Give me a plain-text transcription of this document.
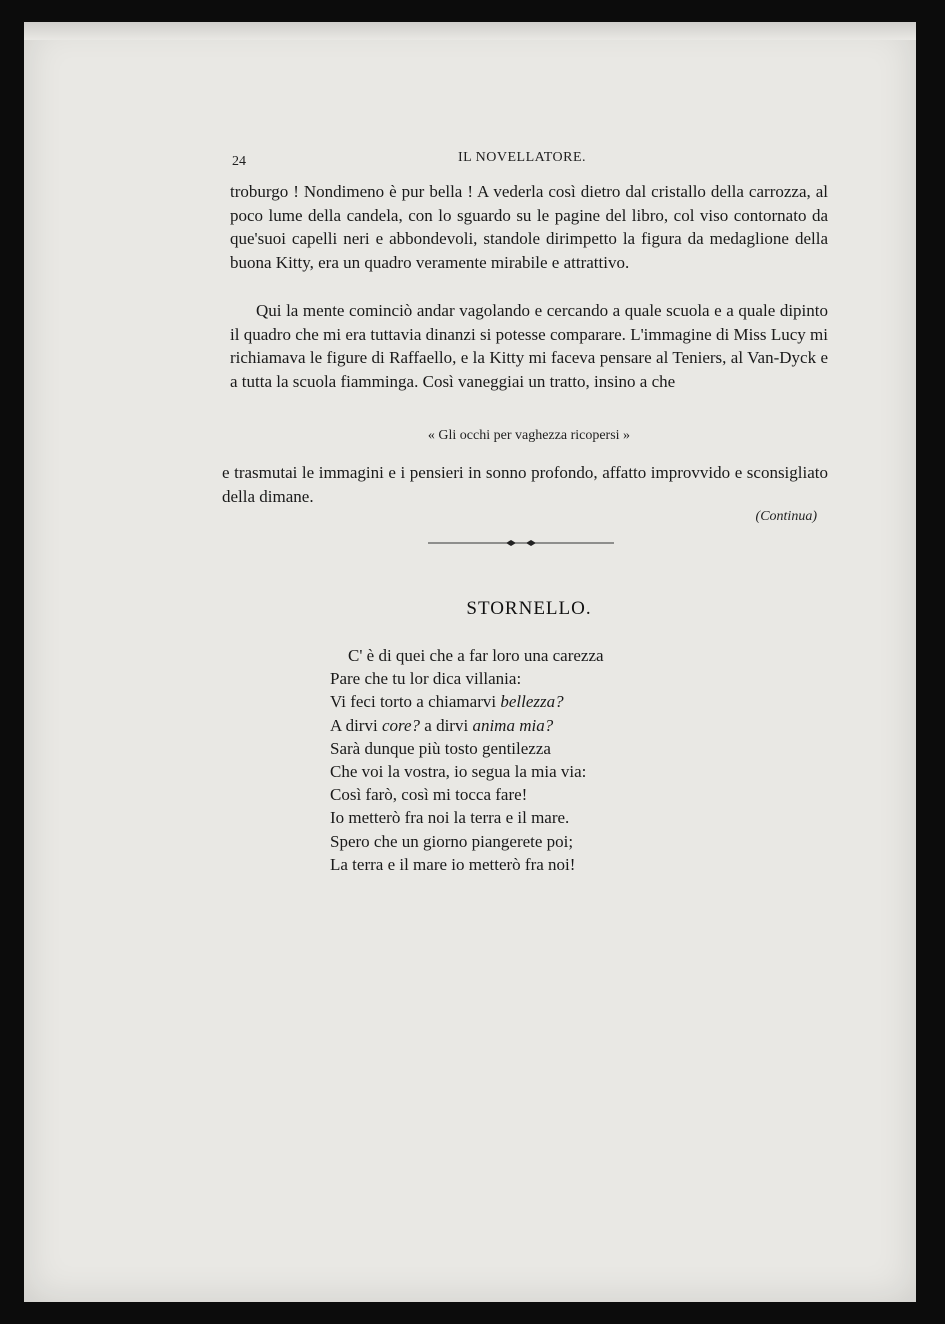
24	IL NOVELLATORE.

troburgo ! Nondimeno è pur bella ! A vederla così dietro dal cristallo della carrozza, al poco lume della candela, con lo sguardo su le pagine del libro, col viso contornato da que'suoi capelli neri e abbondevoli, standole dirimpetto la figura da medaglione della buona Kitty, era un quadro veramente mirabile e attrattivo.

Qui la mente cominciò andar vagolando e cercando a quale scuola e a quale dipinto il quadro che mi era tuttavia dinanzi si potesse comparare. L'immagine di Miss Lucy mi richiamava le figure di Raffaello, e la Kitty mi faceva pensare al Teniers, al Van-Dyck e a tutta la scuola fiamminga. Così vaneggiai un tratto, insino a che

« Gli occhi per vaghezza ricopersi »

e trasmutai le immagini e i pensieri in sonno profondo, affatto improvvido e sconsigliato della dimane.

(Continua)
STORNELLO.
C' è di quei che a far loro una carezza
Pare che tu lor dica villania:
Vi feci torto a chiamarvi bellezza?
A dirvi core? a dirvi anima mia?
Sarà dunque più tosto gentilezza
Che voi la vostra, io segua la mia via:
Così farò, così mi tocca fare!
Io metterò fra noi la terra e il mare.
Spero che un giorno piangerete poi;
La terra e il mare io metterò fra noi!
